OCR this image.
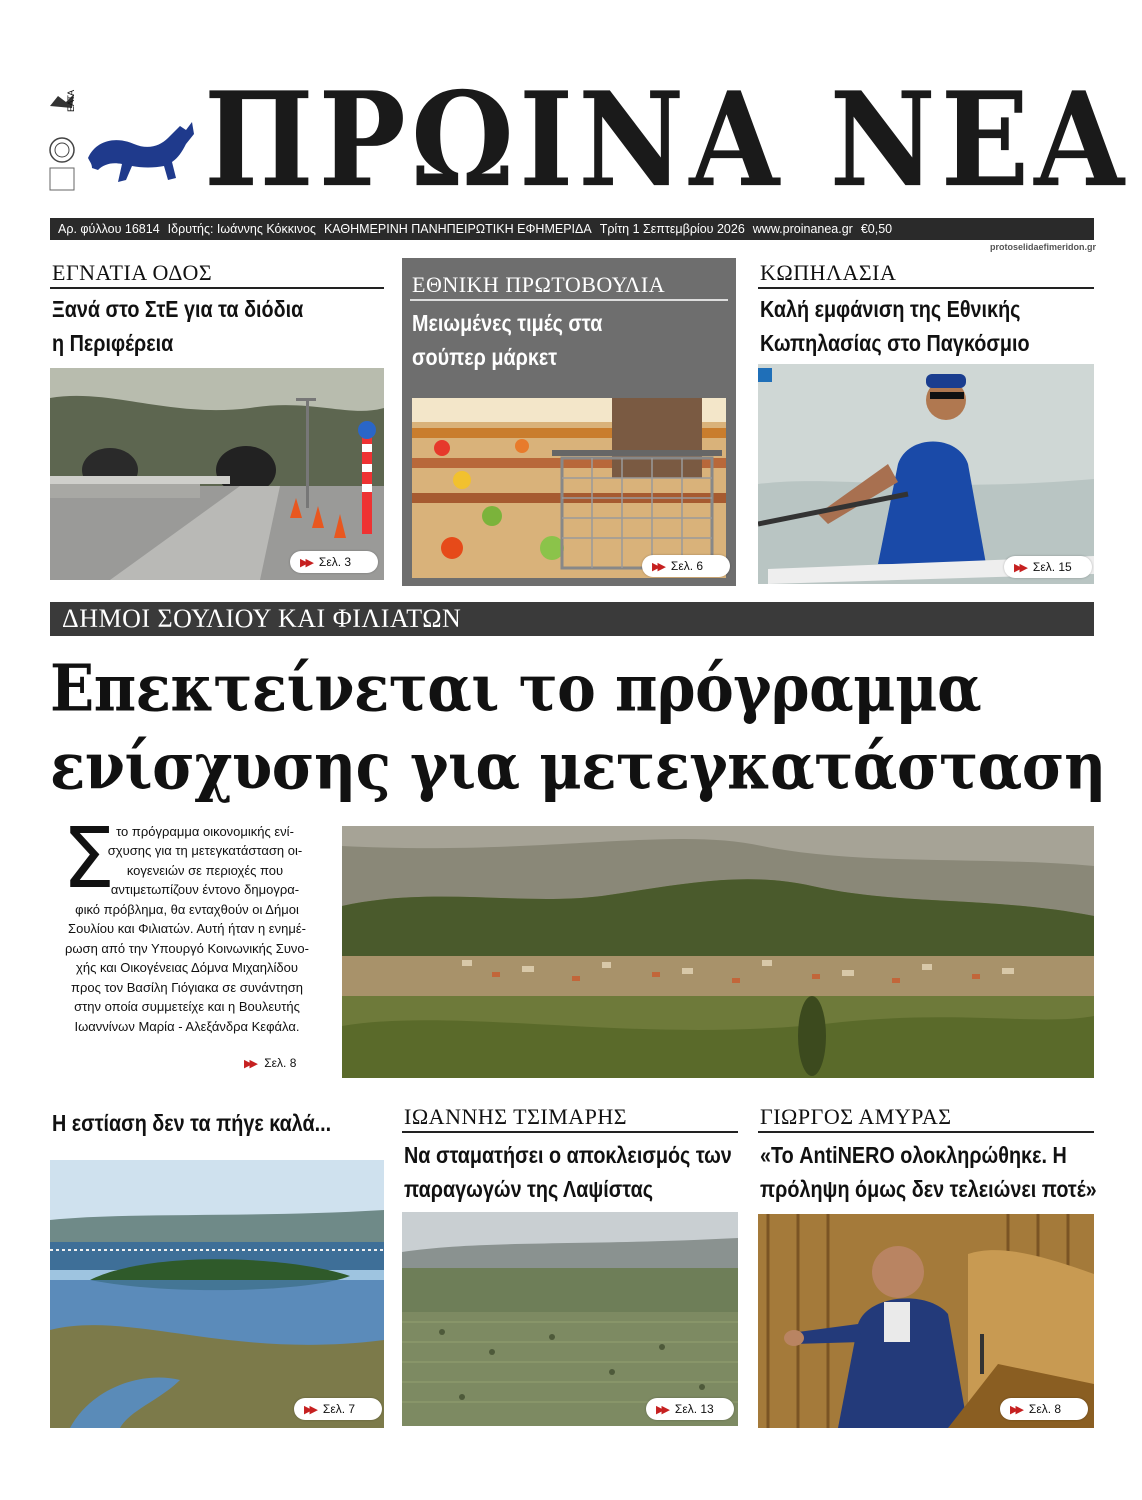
ΕΛΤΑ ΠΡΩΙΝΑ ΝΕΑ
Αρ. φύλλου 16814 Ιδρυτής: Ιωάννης Κόκκινος ΚΑΘΗΜΕΡΙΝΗ ΠΑΝΗΠΕΙΡΩΤΙΚΗ ΕΦΗΜΕΡΙΔΑ Τρίτη 1 Σεπτεμβρίου 2026 www.proinanea.gr €0,50
protoselidaefimeridon.gr
ΕΓΝΑΤΙΑ ΟΔΟΣ
Ξανά στο ΣτΕ για τα διόδια
η Περιφέρεια
▶▶ Σελ. 3
ΕΘΝΙΚΗ ΠΡΩΤΟΒΟΥΛΙΑ
Μειωμένες τιμές στα
σούπερ μάρκετ
▶▶ Σελ. 6
ΚΩΠΗΛΑΣΙΑ
Καλή εμφάνιση της Εθνικής
Κωπηλασίας στο Παγκόσμιο
▶▶ Σελ. 15
ΔΗΜΟΙ ΣΟΥΛΙΟΥ ΚΑΙ ΦΙΛΙΑΤΩΝ
Επεκτείνεται το πρόγραμμα
ενίσχυσης για μετεγκατάσταση
Σ το πρόγραμμα οικονομικής ενί-
σχυσης για τη μετεγκατάσταση οι-
κογενειών σε περιοχές που
αντιμετωπίζουν έντονο δημογρα-
φικό πρόβλημα, θα ενταχθούν οι Δήμοι
Σουλίου και Φιλιατών. Αυτή ήταν η ενημέ-
ρωση από την Υπουργό Κοινωνικής Συνο-
χής και Οικογένειας Δόμνα Μιχαηλίδου
προς τον Βασίλη Γιόγιακα σε συνάντηση
στην οποία συμμετείχε και η Βουλευτής
Ιωαννίνων Μαρία - Αλεξάνδρα Κεφάλα.
▶▶ Σελ. 8
Η εστίαση δεν τα πήγε καλά...
▶▶ Σελ. 7
ΙΩΑΝΝΗΣ ΤΣΙΜΑΡΗΣ
Να σταματήσει ο αποκλεισμός των
παραγωγών της Λαψίστας
▶▶ Σελ. 13
ΓΙΩΡΓΟΣ ΑΜΥΡΑΣ
«Το AntiNERO ολοκληρώθηκε. Η
πρόληψη όμως δεν τελειώνει ποτέ»
▶▶ Σελ. 8
